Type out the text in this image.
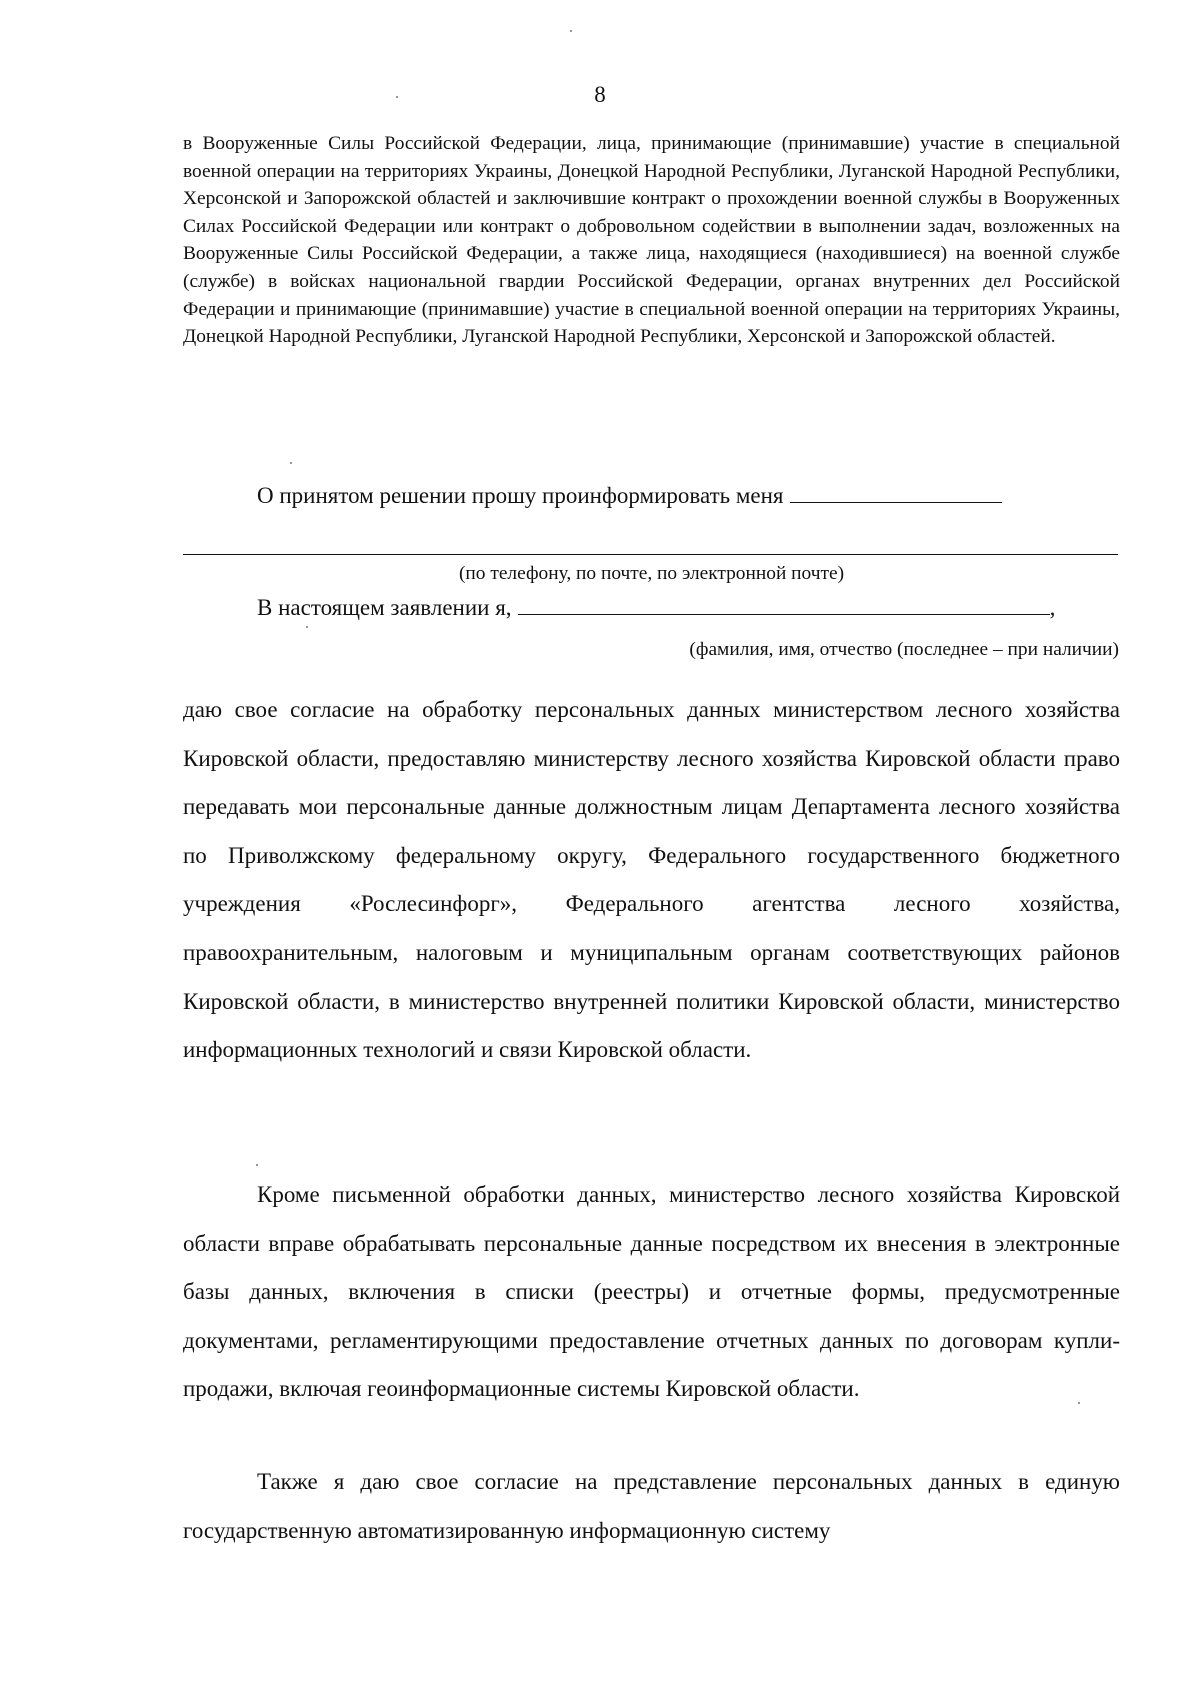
8

в Вооруженные Силы Российской Федерации, лица, принимающие (принимавшие) участие в специальной военной операции на территориях Украины, Донецкой Народной Республики, Луганской Народной Республики, Херсонской и Запорожской областей и заключившие контракт о прохождении военной службы в Вооруженных Силах Российской Федерации или контракт о добровольном содействии в выполнении задач, возложенных на Вооруженные Силы Российской Федерации, а также лица, находящиеся (находившиеся) на военной службе (службе) в войсках национальной гвардии Российской Федерации, органах внутренних дел Российской Федерации и принимающие (принимавшие) участие в специальной военной операции на территориях Украины, Донецкой Народной Республики, Луганской Народной Республики, Херсонской и Запорожской областей.

О принятом решении прошу проинформировать меня
(по телефону, по почте, по электронной почте)
В настоящем заявлении я,	,
(фамилия, имя, отчество (последнее – при наличии)

даю свое согласие на обработку персональных данных министерством лесного хозяйства Кировской области, предоставляю министерству лесного хозяйства Кировской области право передавать мои персональные данные должностным лицам Департамента лесного хозяйства по Приволжскому федеральному округу, Федерального государственного бюджетного учреждения «Рослесинфорг», Федерального агентства лесного хозяйства, правоохранительным, налоговым и муниципальным органам соответствующих районов Кировской области, в министерство внутренней политики Кировской области, министерство информационных технологий и связи Кировской области.

Кроме письменной обработки данных, министерство лесного хозяйства Кировской области вправе обрабатывать персональные данные посредством их внесения в электронные базы данных, включения в списки (реестры) и отчетные формы, предусмотренные документами, регламентирующими предоставление отчетных данных по договорам купли-продажи, включая геоинформационные системы Кировской области.

Также я даю свое согласие на представление персональных данных в единую государственную автоматизированную информационную систему
